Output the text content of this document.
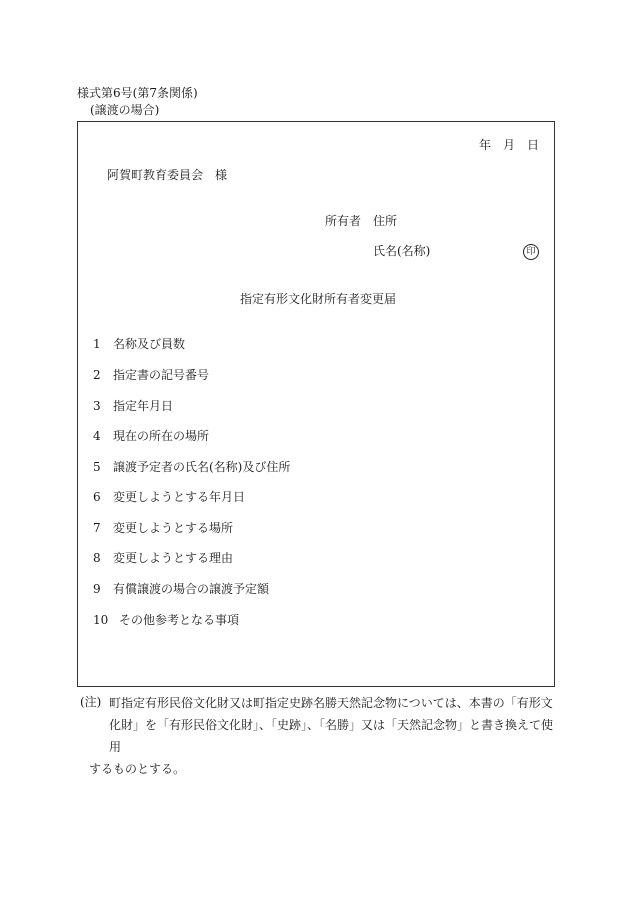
様式第6号(第7条関係)
(譲渡の場合)
年　月　日
阿賀町教育委員会　様
所有者　住所
氏名(名称)	印
指定有形文化財所有者変更届
1 名称及び員数
2 指定書の記号番号
3 指定年月日
4 現在の所在の場所
5 譲渡予定者の氏名(名称)及び住所
6 変更しようとする年月日
7 変更しようとする場所
8 変更しようとする理由
9 有償譲渡の場合の譲渡予定額
10 その他参考となる事項
(注) 町指定有形民俗文化財又は町指定史跡名勝天然記念物については、本書の「有形文
化財」を「有形民俗文化財」、「史跡」、「名勝」又は「天然記念物」と書き換えて使用
するものとする。
